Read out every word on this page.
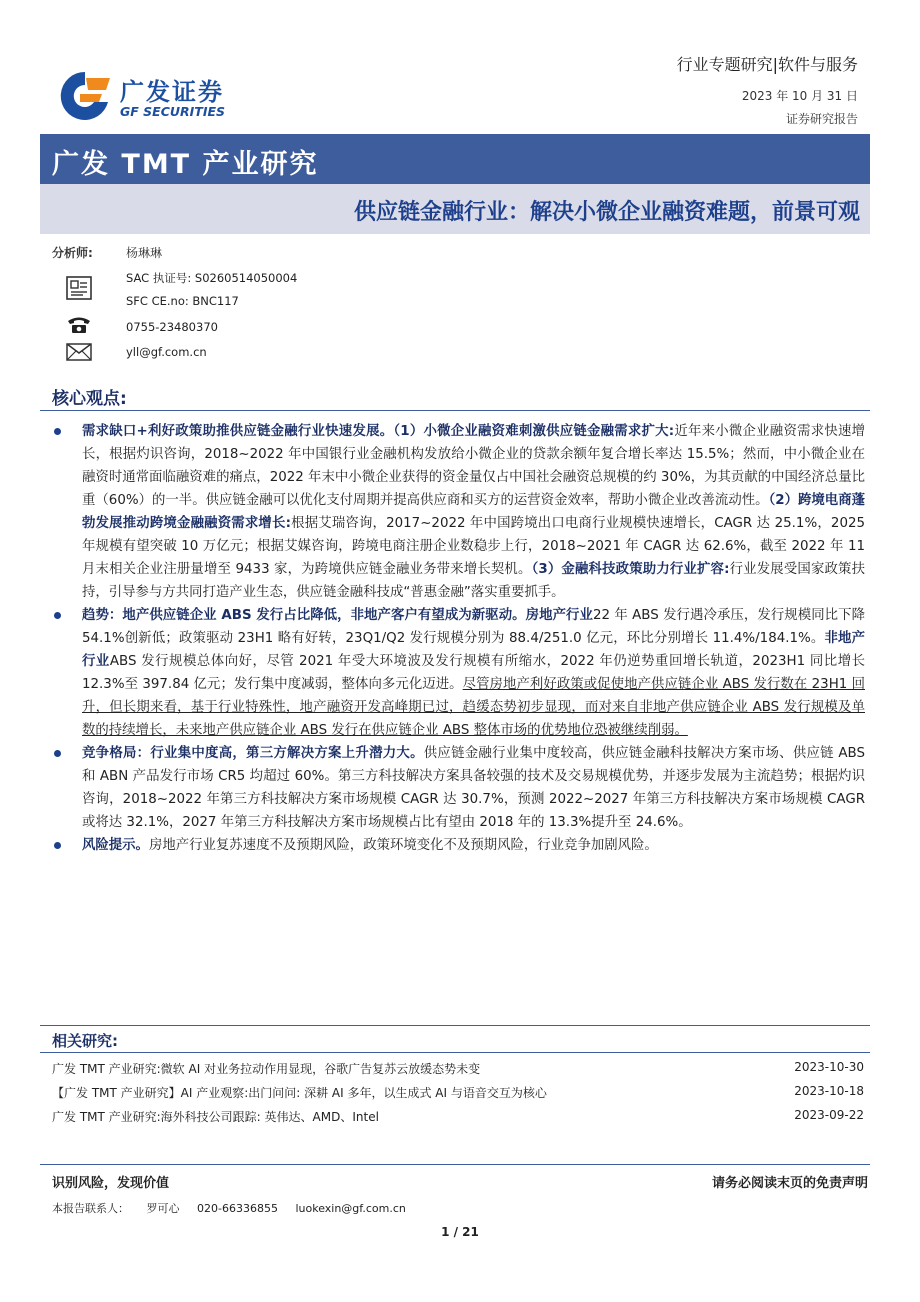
广发证券
GF SECURITIES
行业专题研究|软件与服务
2023 年 10 月 31 日
证券研究报告
广发 TMT 产业研究
供应链金融行业：解决小微企业融资难题，前景可观
分析师:	杨琳琳
SAC 执证号: S0260514050004
SFC CE.no: BNC117
0755-23480370
yll@gf.com.cn
核心观点:
需求缺口+利好政策助推供应链金融行业快速发展。（1）小微企业融资难刺激供应链金融需求扩大:近年来小微企业融资需求快速增长，根据灼识咨询，2018~2022 年中国银行业金融机构发放给小微企业的贷款余额年复合增长率达 15.5%；然而，中小微企业在融资时通常面临融资难的痛点，2022 年末中小微企业获得的资金量仅占中国社会融资总规模的约 30%，为其贡献的中国经济总量比重（60%）的一半。供应链金融可以优化支付周期并提高供应商和买方的运营资金效率，帮助小微企业改善流动性。（2）跨境电商蓬勃发展推动跨境金融融资需求增长:根据艾瑞咨询，2017~2022 年中国跨境出口电商行业规模快速增长，CAGR 达 25.1%，2025 年规模有望突破 10 万亿元；根据艾媒咨询，跨境电商注册企业数稳步上行，2018~2021 年 CAGR 达 62.6%，截至 2022 年 11 月末相关企业注册量增至 9433 家，为跨境供应链金融业务带来增长契机。（3）金融科技政策助力行业扩容:行业发展受国家政策扶持，引导参与方共同打造产业生态，供应链金融科技成“普惠金融”落实重要抓手。
趋势：地产供应链企业 ABS 发行占比降低，非地产客户有望成为新驱动。房地产行业22 年 ABS 发行遇冷承压，发行规模同比下降 54.1%创新低；政策驱动 23H1 略有好转，23Q1/Q2 发行规模分别为 88.4/251.0 亿元，环比分别增长 11.4%/184.1%。非地产行业ABS 发行规模总体向好，尽管 2021 年受大环境波及发行规模有所缩水，2022 年仍逆势重回增长轨道，2023H1 同比增长 12.3%至 397.84 亿元；发行集中度减弱，整体向多元化迈进。尽管房地产利好政策或促使地产供应链企业 ABS 发行数在 23H1 回升，但长期来看，基于行业特殊性，地产融资开发高峰期已过，趋缓态势初步显现，而对来自非地产供应链企业 ABS 发行规模及单数的持续增长，未来地产供应链企业 ABS 发行在供应链企业 ABS 整体市场的优势地位恐被继续削弱。
竞争格局：行业集中度高，第三方解决方案上升潜力大。供应链金融行业集中度较高，供应链金融科技解决方案市场、供应链 ABS 和 ABN 产品发行市场 CR5 均超过 60%。第三方科技解决方案具备较强的技术及交易规模优势，并逐步发展为主流趋势；根据灼识咨询，2018~2022 年第三方科技解决方案市场规模 CAGR 达 30.7%，预测 2022~2027 年第三方科技解决方案市场规模 CAGR 或将达 32.1%，2027 年第三方科技解决方案市场规模占比有望由 2018 年的 13.3%提升至 24.6%。
风险提示。房地产行业复苏速度不及预期风险，政策环境变化不及预期风险，行业竞争加剧风险。
相关研究:
广发 TMT 产业研究:微软 AI 对业务拉动作用显现，谷歌广告复苏云放缓态势未变	2023-10-30
【广发 TMT 产业研究】AI 产业观察:出门问问: 深耕 AI 多年，以生成式 AI 与语音交互为核心	2023-10-18
广发 TMT 产业研究:海外科技公司跟踪: 英伟达、AMD、Intel	2023-09-22
识别风险，发现价值	请务必阅读末页的免责声明
本报告联系人： 罗可心 020-66336855 luokexin@gf.com.cn
1 / 21
